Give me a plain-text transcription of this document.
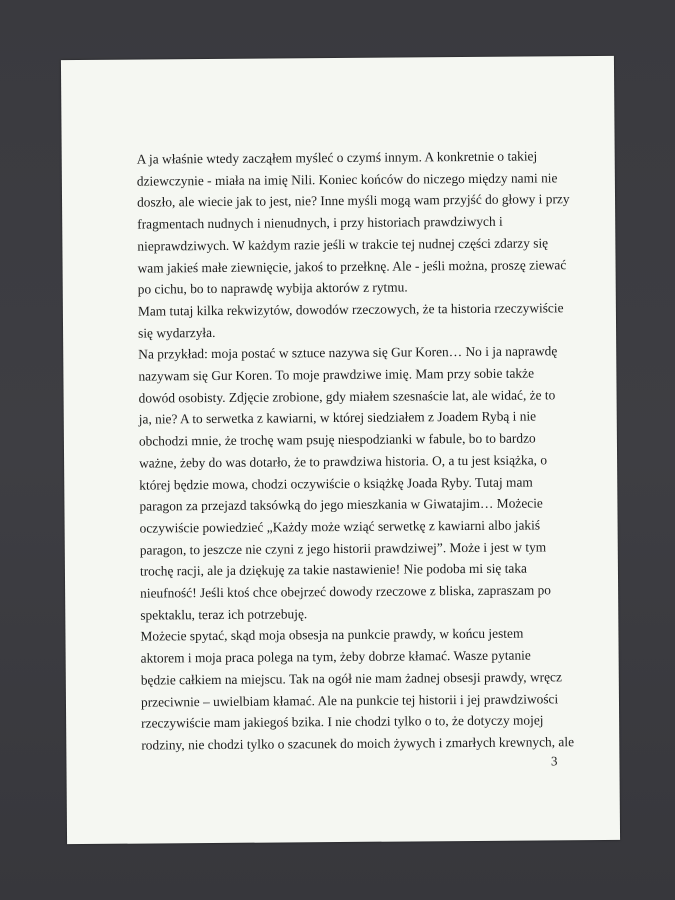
A ja właśnie wtedy zacząłem myśleć o czymś innym. A konkretnie o takiej
dziewczynie - miała na imię Nili. Koniec końców do niczego między nami nie
doszło, ale wiecie jak to jest, nie? Inne myśli mogą wam przyjść do głowy i przy
fragmentach nudnych i nienudnych, i przy historiach prawdziwych i
nieprawdziwych. W każdym razie jeśli w trakcie tej nudnej części zdarzy się
wam jakieś małe ziewnięcie, jakoś to przełknę. Ale - jeśli można, proszę ziewać
po cichu, bo to naprawdę wybija aktorów z rytmu.
Mam tutaj kilka rekwizytów, dowodów rzeczowych, że ta historia rzeczywiście
się wydarzyła.
Na przykład: moja postać w sztuce nazywa się Gur Koren… No i ja naprawdę
nazywam się Gur Koren. To moje prawdziwe imię. Mam przy sobie także
dowód osobisty. Zdjęcie zrobione, gdy miałem szesnaście lat, ale widać, że to
ja, nie? A to serwetka z kawiarni, w której siedziałem z Joadem Rybą i nie
obchodzi mnie, że trochę wam psuję niespodzianki w fabule, bo to bardzo
ważne, żeby do was dotarło, że to prawdziwa historia. O, a tu jest książka, o
której będzie mowa, chodzi oczywiście o książkę Joada Ryby. Tutaj mam
paragon za przejazd taksówką do jego mieszkania w Giwatajim… Możecie
oczywiście powiedzieć „Każdy może wziąć serwetkę z kawiarni albo jakiś
paragon, to jeszcze nie czyni z jego historii prawdziwej”. Może i jest w tym
trochę racji, ale ja dziękuję za takie nastawienie! Nie podoba mi się taka
nieufność! Jeśli ktoś chce obejrzeć dowody rzeczowe z bliska, zapraszam po
spektaklu, teraz ich potrzebuję.
Możecie spytać, skąd moja obsesja na punkcie prawdy, w końcu jestem
aktorem i moja praca polega na tym, żeby dobrze kłamać. Wasze pytanie
będzie całkiem na miejscu. Tak na ogół nie mam żadnej obsesji prawdy, wręcz
przeciwnie – uwielbiam kłamać. Ale na punkcie tej historii i jej prawdziwości
rzeczywiście mam jakiegoś bzika. I nie chodzi tylko o to, że dotyczy mojej
rodziny, nie chodzi tylko o szacunek do moich żywych i zmarłych krewnych, ale
3
